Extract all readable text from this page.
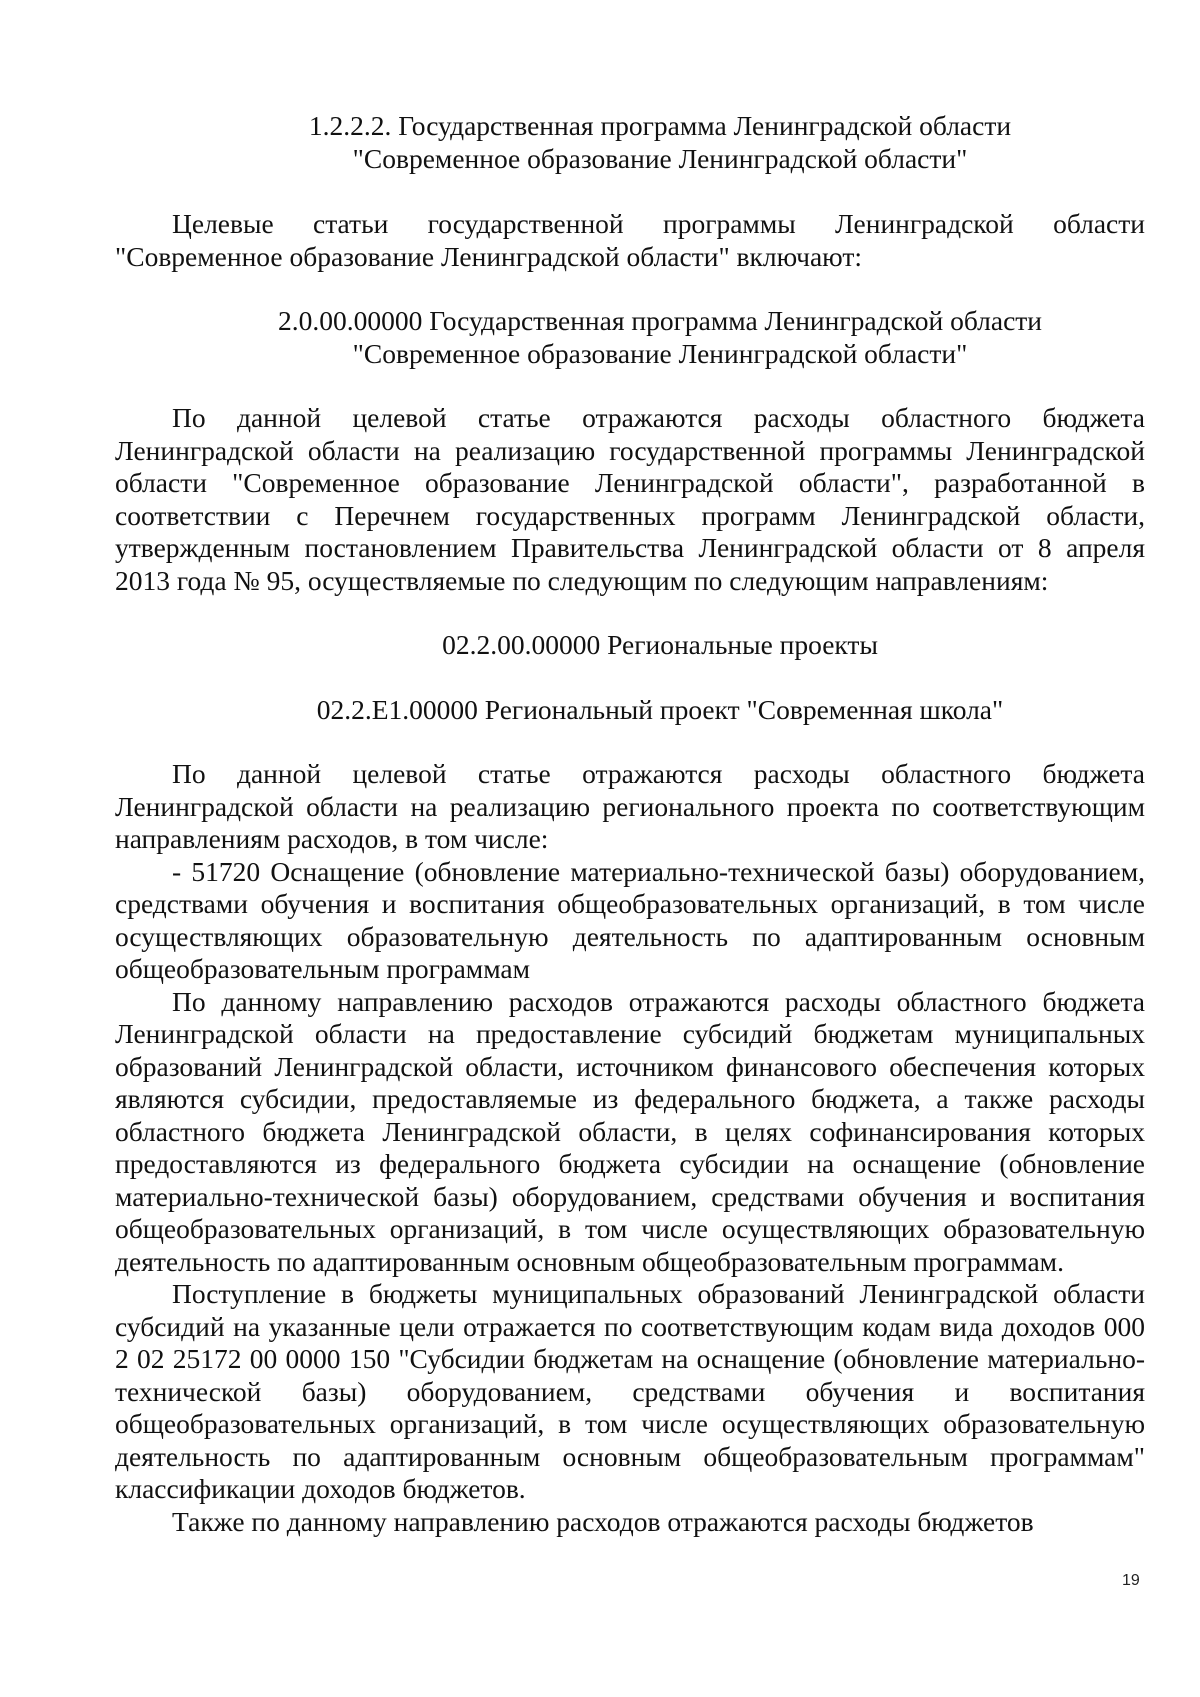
1.2.2.2. Государственная программа Ленинградской области

"Современное образование Ленинградской области"

Целевые статьи государственной программы Ленинградской области "Современное образование Ленинградской области" включают:

2.0.00.00000 Государственная программа Ленинградской области

"Современное образование Ленинградской области"

По данной целевой статье отражаются расходы областного бюджета Ленинградской области на реализацию государственной программы Ленинградской области "Современное образование Ленинградской области", разработанной в соответствии с Перечнем государственных программ Ленинградской области, утвержденным постановлением Правительства Ленинградской области от 8 апреля 2013 года № 95, осуществляемые по следующим по следующим направлениям:

02.2.00.00000 Региональные проекты

02.2.E1.00000 Региональный проект "Современная школа"

По данной целевой статье отражаются расходы областного бюджета Ленинградской области на реализацию регионального проекта по соответствующим направлениям расходов, в том числе:

- 51720 Оснащение (обновление материально-технической базы) оборудованием, средствами обучения и воспитания общеобразовательных организаций, в том числе осуществляющих образовательную деятельность по адаптированным основным общеобразовательным программам

По данному направлению расходов отражаются расходы областного бюджета Ленинградской области на предоставление субсидий бюджетам муниципальных образований Ленинградской области, источником финансового обеспечения которых являются субсидии, предоставляемые из федерального бюджета, а также расходы областного бюджета Ленинградской области, в целях софинансирования которых предоставляются из федерального бюджета субсидии на оснащение (обновление материально-технической базы) оборудованием, средствами обучения и воспитания общеобразовательных организаций, в том числе осуществляющих образовательную деятельность по адаптированным основным общеобразовательным программам.

Поступление в бюджеты муниципальных образований Ленинградской области субсидий на указанные цели отражается по соответствующим кодам вида доходов 000 2 02 25172 00 0000 150 "Субсидии бюджетам на оснащение (обновление материально-технической базы) оборудованием, средствами обучения и воспитания общеобразовательных организаций, в том числе осуществляющих образовательную деятельность по адаптированным основным общеобразовательным программам" классификации доходов бюджетов.

Также по данному направлению расходов отражаются расходы бюджетов

19
